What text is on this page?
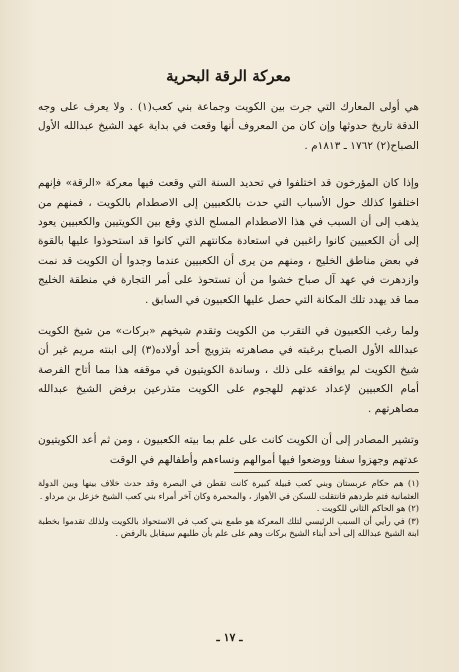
معركة الرقة البحرية

هي أولى المعارك التي جرت بين الكويت وجماعة بني كعب(١) . ولا يعرف على وجه الدقة تاريخ حدوثها وإن كان من المعروف أنها وقعت في بداية عهد الشيخ عبدالله الأول الصباح(٢) ١٧٦٢ ـ ١٨١٣م .

وإذا كان المؤرخون قد اختلفوا في تحديد السنة التي وقعت فيها معركة «الرقة» فإنهم اختلفوا كذلك حول الأسباب التي حدت بالكعبيين إلى الاصطدام بالكويت ، فمنهم من يذهب إلى أن السبب في هذا الاصطدام المسلح الذي وقع بين الكويتيين والكعبيين يعود إلى أن الكعبيين كانوا راغبين في استعادة مكانتهم التي كانوا قد استحوذوا عليها بالقوة في بعض مناطق الخليج ، ومنهم من يرى أن الكعبيين عندما وجدوا أن الكويت قد نمت وازدهرت في عهد آل صباح خشوا من أن تستحوذ على أمر التجارة في منطقة الخليج مما قد يهدد تلك المكانة التي حصل عليها الكعبيون في السابق .

ولما رغب الكعبيون في التقرب من الكويت وتقدم شيخهم «بركات» من شيخ الكويت عبدالله الأول الصباح برغبته في مصاهرته بتزويج أحد أولاده(٣) إلى ابنته مريم غير أن شيخ الكويت لم يوافقه على ذلك ، وساندة الكويتيون في موقفه هذا مما أتاح الفرصة أمام الكعبيين لإعداد عدتهم للهجوم على الكويت متذرعين برفض الشيخ عبدالله مصاهرتهم .

وتشير المصادر إلى أن الكويت كانت على علم بما بيته الكعبيون ، ومن ثم أعد الكويتيون عدتهم وجهزوا سفنا ووضعوا فيها أموالهم ونساءهم وأطفالهم في الوقت

(١) هم حكام عربستان وبني كعب قبيلة كبيرة كانت تقطن في البصرة وقد حدث خلاف بينها وبين الدولة العثمانية فتم طردهم فانتقلت للسكن في الأهواز ، والمحمرة وكان آخر أمراء بني كعب الشيخ خزعل بن مرداو .

(٢) هو الحاكم الثاني للكويت .

(٣) في رأيي أن السبب الرئيسي لتلك المعركة هو طمع بني كعب في الاستحواذ بالكويت ولذلك تقدموا بخطبة ابنة الشيخ عبدالله إلى أحد أبناء الشيخ بركات وهم على علم بأن طلبهم سيقابل بالرفض .

ـ ١٧ ـ
